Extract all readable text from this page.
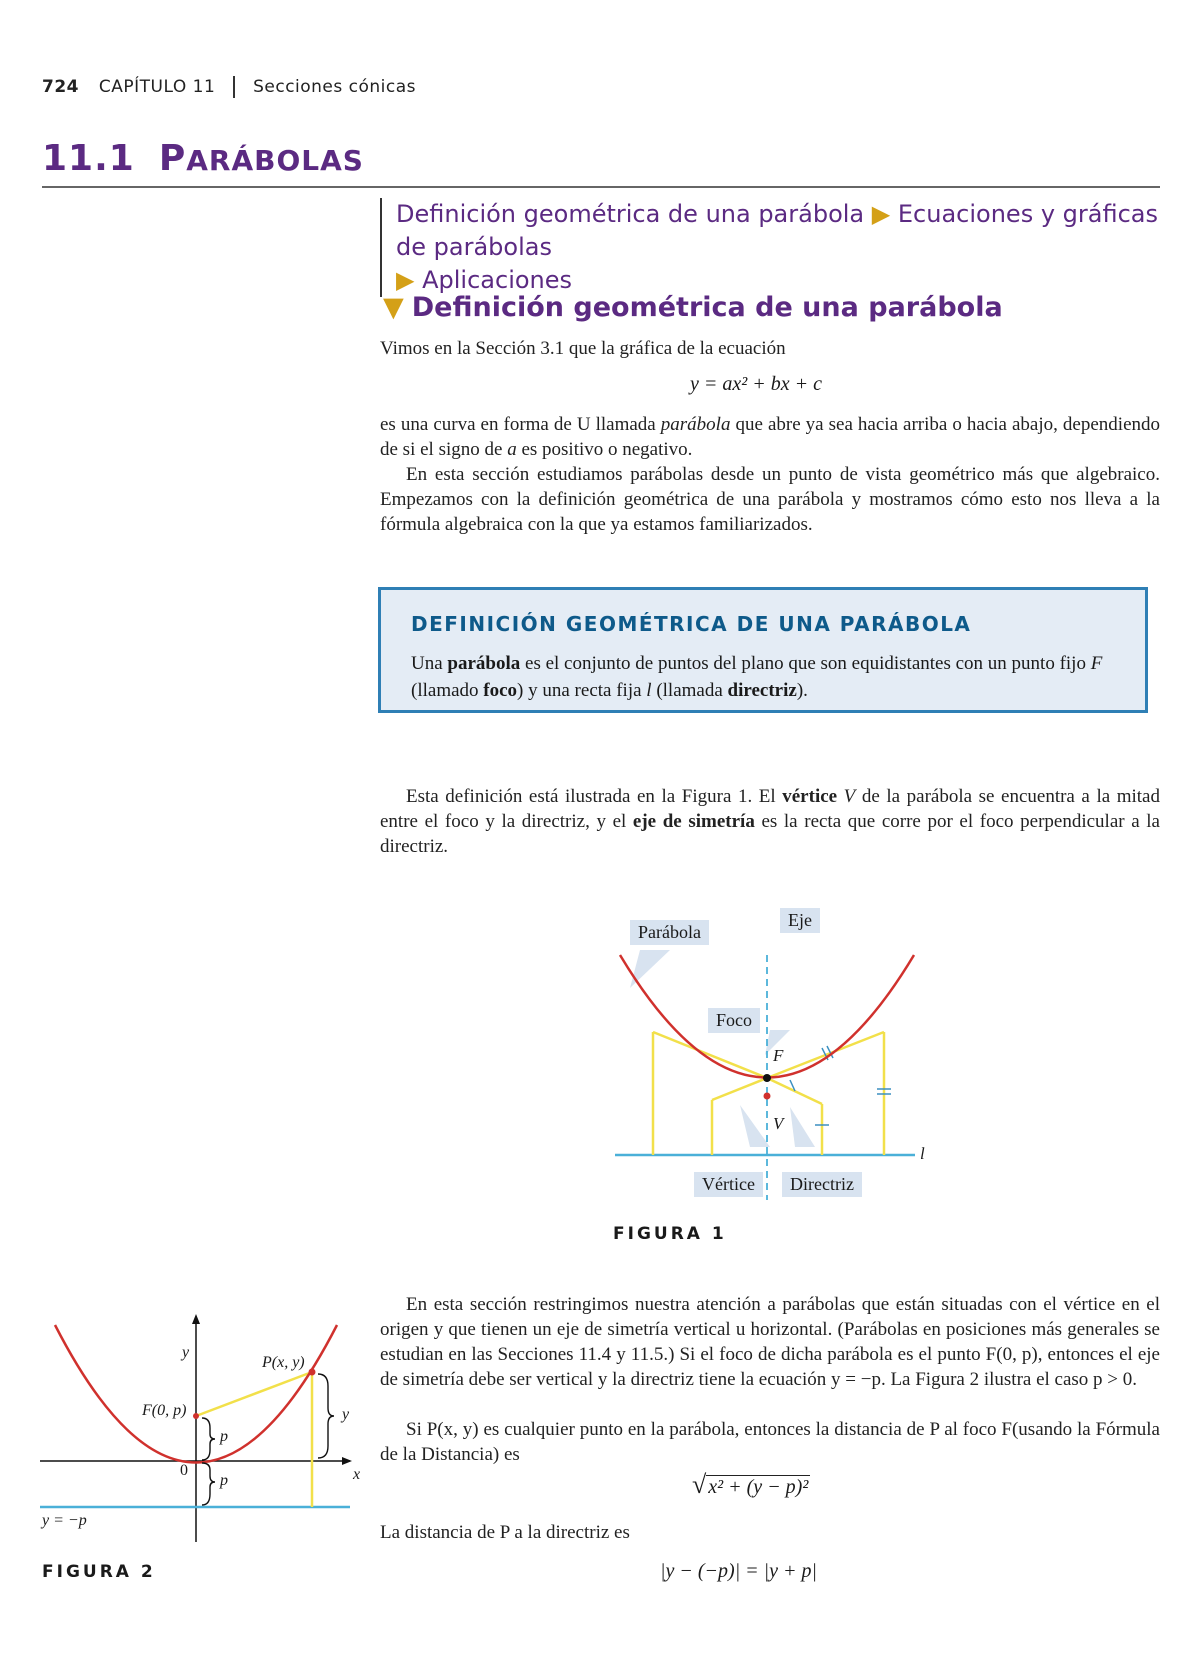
724 CAPÍTULO 11 Secciones cónicas
11.1 PARÁBOLAS
Definición geométrica de una parábola ▶ Ecuaciones y gráficas de parábolas
▶ Aplicaciones
▼ Definición geométrica de una parábola
Vimos en la Sección 3.1 que la gráfica de la ecuación
y = ax² + bx + c
es una curva en forma de U llamada parábola que abre ya sea hacia arriba o hacia abajo, dependiendo de si el signo de a es positivo o negativo.
En esta sección estudiamos parábolas desde un punto de vista geométrico más que algebraico. Empezamos con la definición geométrica de una parábola y mostramos cómo esto nos lleva a la fórmula algebraica con la que ya estamos familiarizados.
DEFINICIÓN GEOMÉTRICA DE UNA PARÁBOLA
Una parábola es el conjunto de puntos del plano que son equidistantes con un punto fijo F (llamado foco) y una recta fija l (llamada directriz).
Esta definición está ilustrada en la Figura 1. El vértice V de la parábola se encuentra a la mitad entre el foco y la directriz, y el eje de simetría es la recta que corre por el foco perpendicular a la directriz.
Parábola
Eje
Foco
Vértice	Directriz
F
V
l
FIGURA 1
En esta sección restringimos nuestra atención a parábolas que están situadas con el vértice en el origen y que tienen un eje de simetría vertical u horizontal. (Parábolas en posiciones más generales se estudian en las Secciones 11.4 y 11.5.) Si el foco de dicha parábola es el punto F(0, p), entonces el eje de simetría debe ser vertical y la directriz tiene la ecuación y = −p. La Figura 2 ilustra el caso p > 0.
Si P(x, y) es cualquier punto en la parábola, entonces la distancia de P al foco F(usando la Fórmula de la Distancia) es
√ x² + (y − p)²
La distancia de P a la directriz es
|y − (−p)| = |y + p|
y
x
0
P(x, y)
F(0, p)
y = −p
p
p
y
FIGURA 2
